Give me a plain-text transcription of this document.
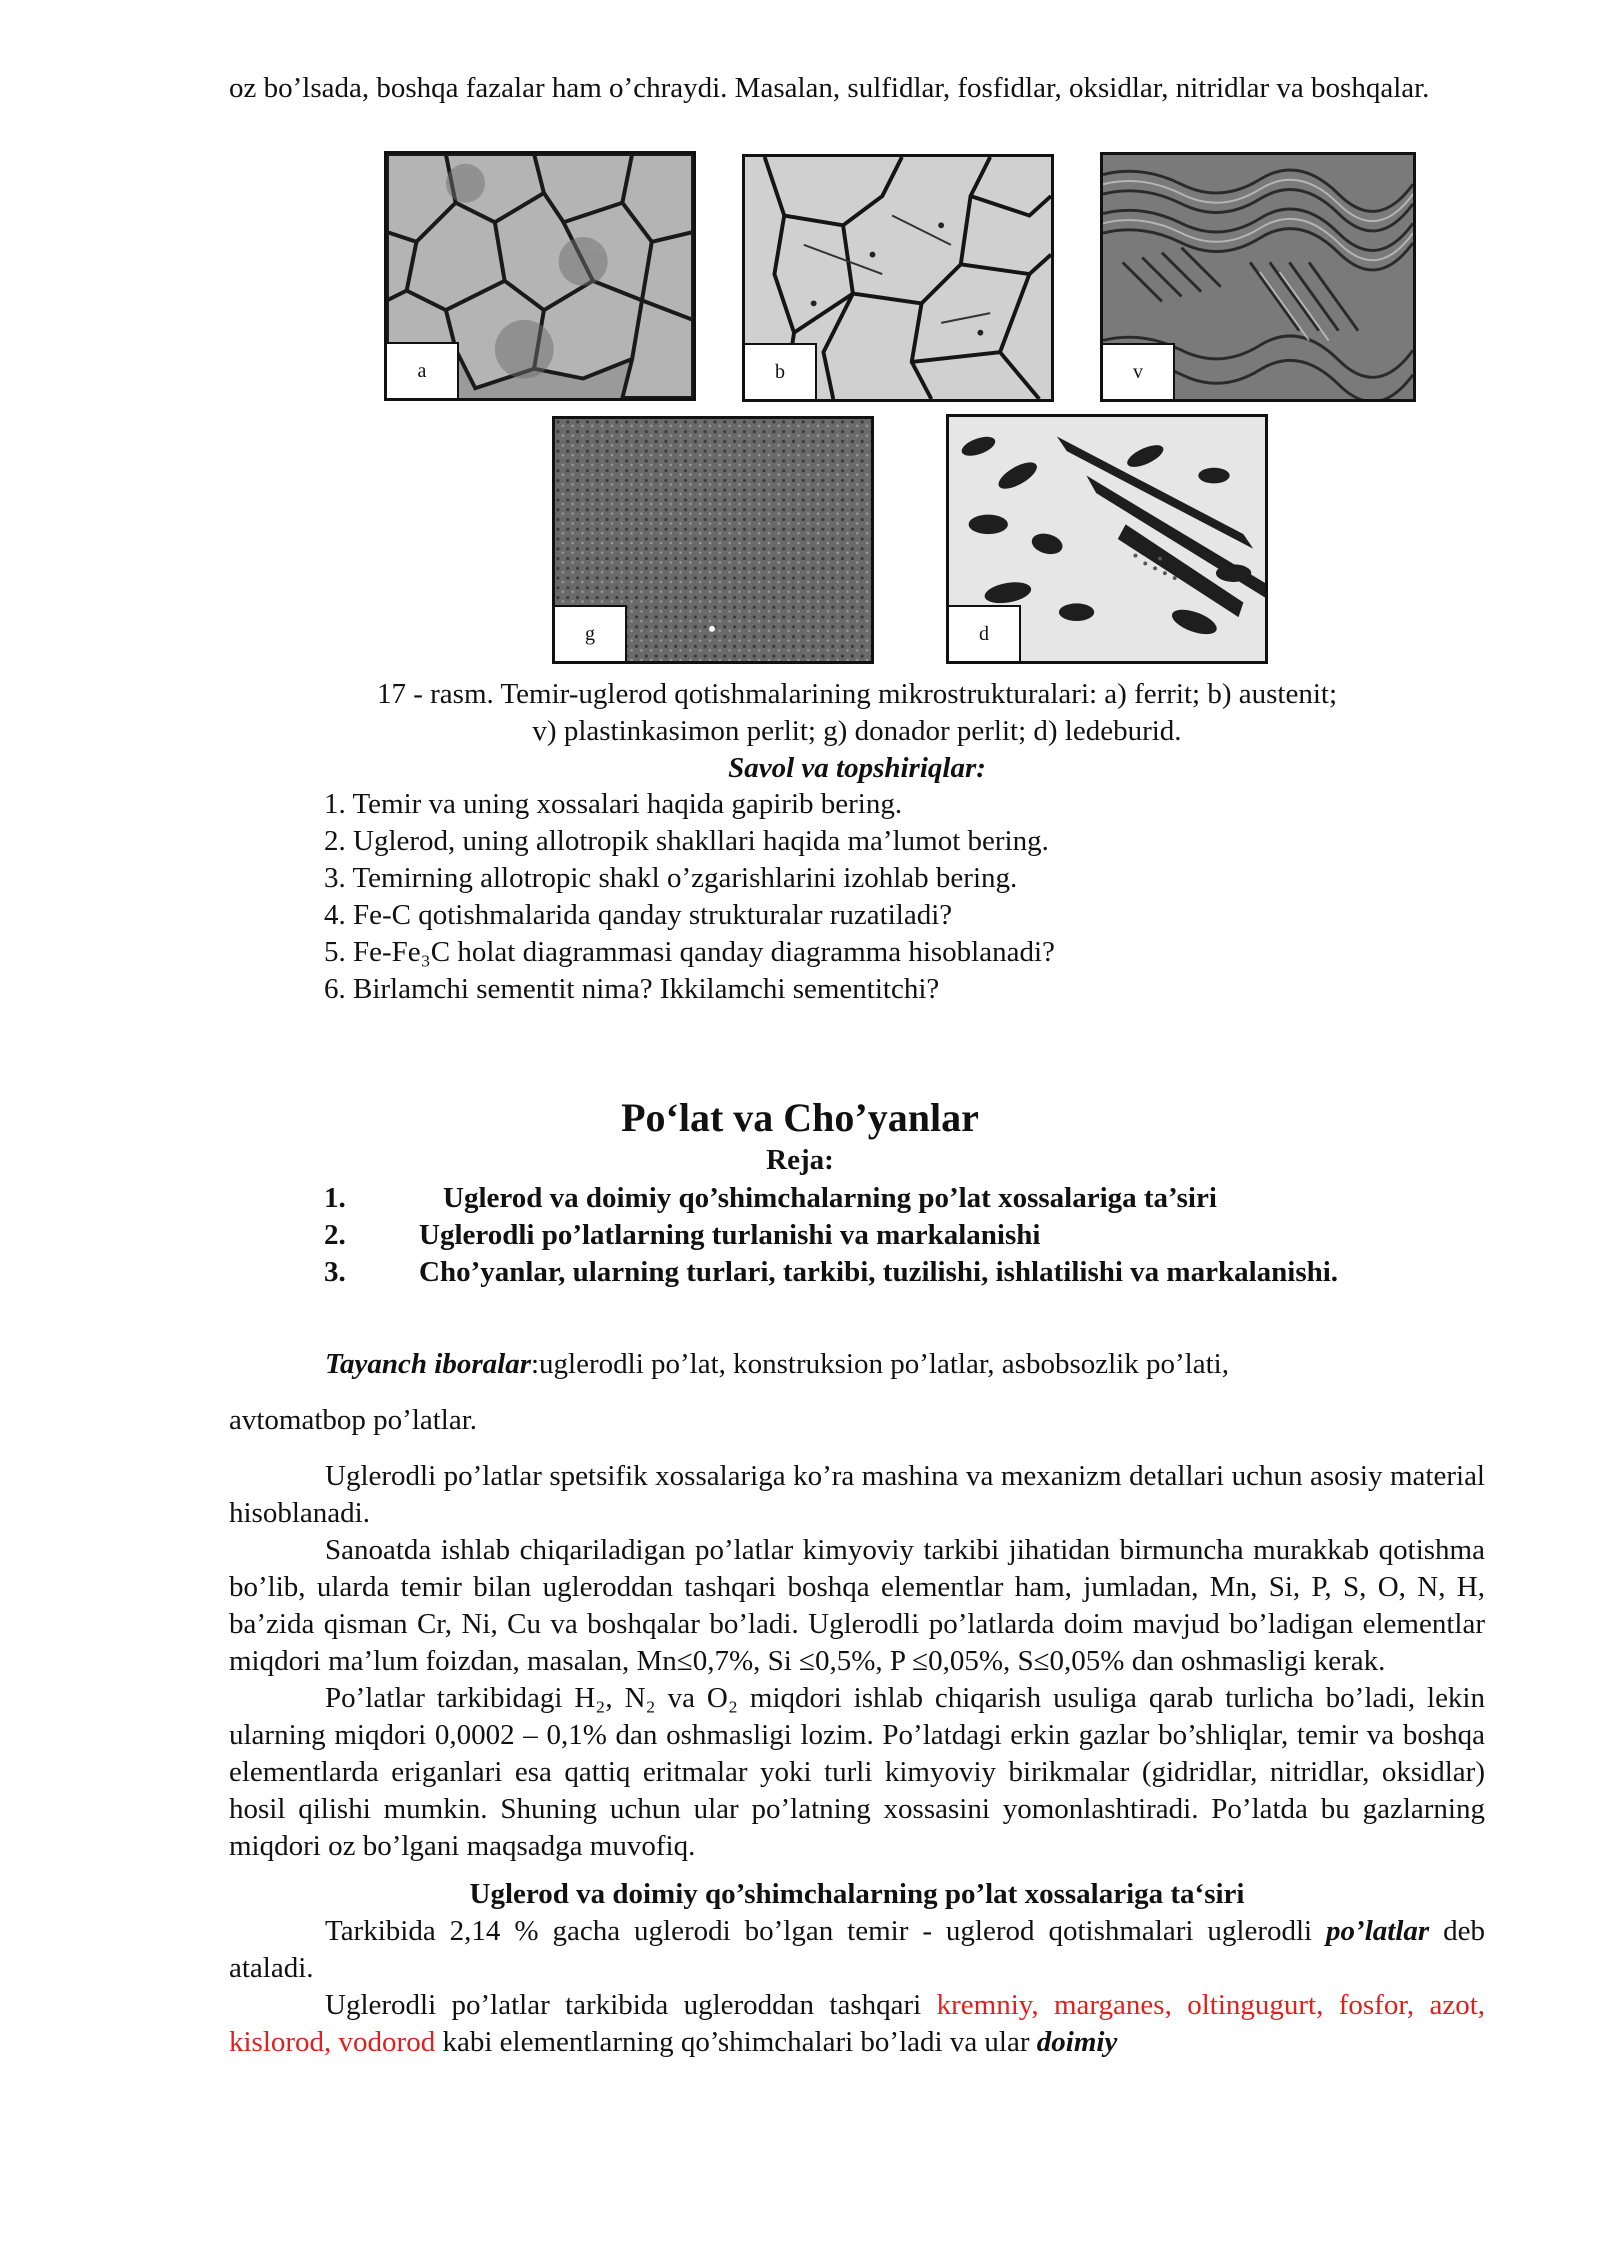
oz bo’lsada, boshqa fazalar ham o’chraydi. Masalan, sulfidlar, fosfidlar, oksidlar, nitridlar va boshqalar.

a	b	v
g	d
17 - rasm. Temir-uglerod qotishmalarining mikrostrukturalari: a) ferrit; b) austenit;
v) plastinkasimon perlit; g) donador perlit; d) ledeburid.
Savol va topshiriqlar:
1. Temir va uning xossalari haqida gapirib bering.
2. Uglerod, uning allotropik shakllari haqida ma’lumot bering.
3. Temirning allotropic shakl o’zgarishlarini izohlab bering.
4. Fe-C qotishmalarida qanday strukturalar ruzatiladi?
5. Fe-Fe₃C holat diagrammasi qanday diagramma hisoblanadi?
6. Birlamchi sementit nima? Ikkilamchi sementitchi?
Po‘lat va Cho’yanlar
Reja:
1.	Uglerod va doimiy qo’shimchalarning po’lat xossalariga ta’siri
2.	Uglerodli po’latlarning turlanishi va markalanishi
3.	Cho’yanlar, ularning turlari, tarkibi, tuzilishi, ishlatilishi va markalanishi.

Tayanch iboralar:uglerodli po’lat, konstruksion po’latlar, asbobsozlik po’lati,

avtomatbop po’latlar.

Uglerodli po’latlar spetsifik xossalariga ko’ra mashina va mexanizm detallari uchun asosiy material hisoblanadi.

Sanoatda ishlab chiqariladigan po’latlar kimyoviy tarkibi jihatidan birmuncha murakkab qotishma bo’lib, ularda temir bilan ugleroddan tashqari boshqa elementlar ham, jumladan, Mn, Si, P, S, O, N, H, ba’zida qisman Cr, Ni, Cu va boshqalar bo’ladi. Uglerodli po’latlarda doim mavjud bo’ladigan elementlar miqdori ma’lum foizdan, masalan, Mn≤0,7%, Si ≤0,5%, P ≤0,05%, S≤0,05% dan oshmasligi kerak.

Po’latlar tarkibidagi H₂, N₂ va O₂ miqdori ishlab chiqarish usuliga qarab turlicha bo’ladi, lekin ularning miqdori 0,0002 – 0,1% dan oshmasligi lozim. Po’latdagi erkin gazlar bo’shliqlar, temir va boshqa elementlarda eriganlari esa qattiq eritmalar yoki turli kimyoviy birikmalar (gidridlar, nitridlar, oksidlar) hosil qilishi mumkin. Shuning uchun ular po’latning xossasini yomonlashtiradi. Po’latda bu gazlarning miqdori oz bo’lgani maqsadga muvofiq.

Uglerod va doimiy qo’shimchalarning po’lat xossalariga ta‘siri

Tarkibida 2,14 % gacha uglerodi bo’lgan temir - uglerod qotishmalari uglerodli po’latlar deb ataladi.

Uglerodli po’latlar tarkibida ugleroddan tashqari kremniy, marganes, oltingugurt, fosfor, azot, kislorod, vodorod kabi elementlarning qo’shimchalari bo’ladi va ular doimiy
